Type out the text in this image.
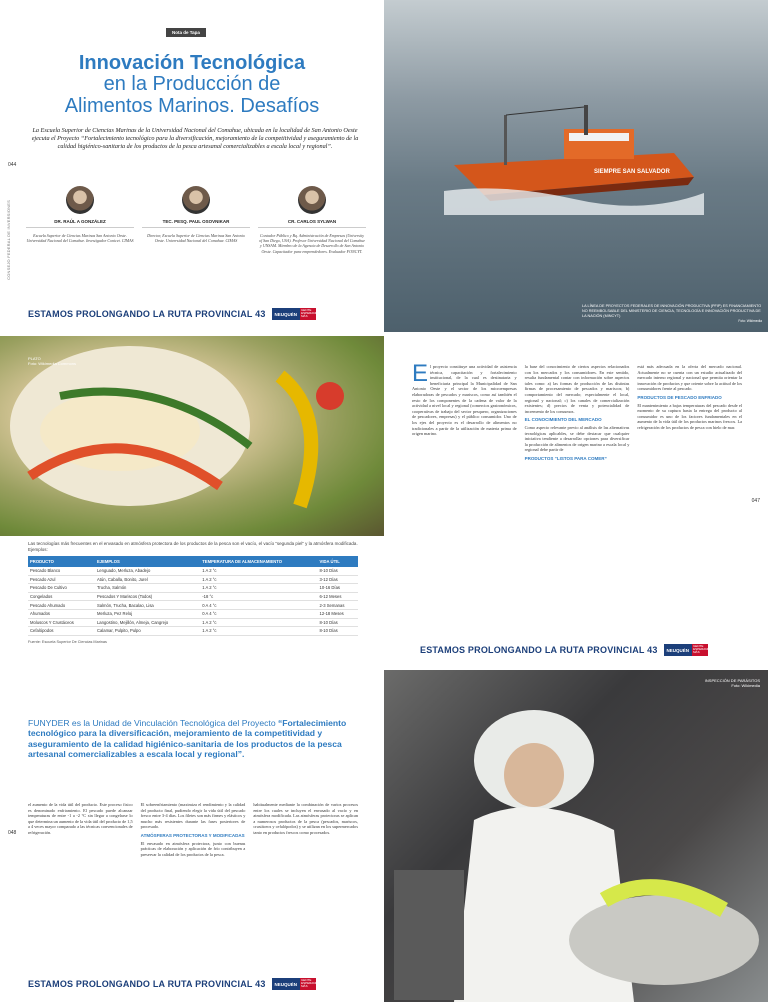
CONSEJO FEDERAL DE INVERSIONES
044
Nota de Tapa
Innovación Tecnológica
en la Producción de
Alimentos Marinos. Desafíos
La Escuela Superior de Ciencias Marinas de la Universidad Nacional del Comahue, ubicada en la localidad de San Antonio Oeste ejecuta el Proyecto “Fortalecimiento tecnológico para la diversificación, mejoramiento de la competitividad y aseguramiento de la calidad higiénico-sanitaria de los productos de la pesca artesanal comercializables a escala local y regional”.
DR. RAÚL A GONZÁLEZ
Escuela Superior de Ciencias Marinas San Antonio Oeste. Universidad Nacional del Comahue. Investigador Conicet. CIMAS
TEC. PESQ. PAUL OSOVNIKAR
Director, Escuela Superior de Ciencias Marinas San Antonio Oeste. Universidad Nacional del Comahue. CIMAS
CR. CARLOS SYLWAN
Contador Público y Bq. Administración de Empresas (University of San Diego, USA). Profesor Universidad Nacional del Comahue y UNSAM. Miembro de la Agencia de Desarrollo de San Antonio Oeste. Capacitador para emprendedores. Evaluador FONCYT.
ESTAMOS PROLONGANDO LA RUTA PROVINCIAL 43	NEUQUÉN
GENTE ESPERANDO MÁS
SIEMPRE SAN SALVADOR
LA LÍNEA DE PROYECTOS FEDERALES DE INNOVACIÓN PRODUCTIVA (PFIP) ES FINANCIAMIENTO NO REEMBOLSABLE DEL MINISTERIO DE CIENCIA, TECNOLOGÍA E INNOVACIÓN PRODUCTIVA DE LA NACIÓN (MINCYT)
Foto: Wikimedia
PLATO
Foto: Wikimedia Commons
Las tecnologías más frecuentes en el envasado en atmósfera protectora de los productos de la pesca son el vacío, el vacío “segunda piel” y la atmósfera modificada. Ejemplos:
PRODUCTO	EJEMPLOS	TEMPERATURA DE ALMACENAMIENTO	VIDA ÚTIL
Pescado Blanco	Lenguado, Merluza, Abadejo	1 A 2 °c	8-10 Días
Pescado Azul	Atún, Caballa, Bonito, Jurel	1 A 2 °c	3-12 Días
Pescado De Cultivo	Trucha, Salmón	1 A 2 °c	10-16 Días
Congelados	Pescados Y Mariscos (Todos)	-18 °c	6-12 Meses
Pescado Ahumado	Salmón, Trucha, Bacalao, Lisa	0 A 4 °c	2-3 Semanas
Ahumados	Merluza, Pez Reloj	0 A 4 °c	12-18 Meses
Moluscos Y Crustáceos	Langostino, Mejillón, Almeja, Cangrejo	1 A 2 °c	8-10 Días
Cefalópodos	Calamar, Pulpito, Pulpo	1 A 2 °c	8-10 Días
Fuente: Escuela Superior De Ciencias Marinas
E l proyecto constituye una actividad de asistencia técnica, capacitación y fortalecimiento institucional, de la cual es destinataria y beneficiaria principal la Municipalidad de San Antonio Oeste y el sector de los microempresas elaboradoras de pescados y mariscos, como así también el resto de los componentes de la cadena de valor de la actividad a nivel local y regional (comercios gastronómicos, cooperativas de trabajo del sector pesquero, organizaciones de pescadores, empresas) y el público consumidor. Uno de los ejes del proyecto es el desarrollo de alimentos no tradicionales a partir de la utilización de materia prima de origen marino.

la base del conocimiento de ciertos aspectos relacionados con los mercados y los consumidores. En este sentido, resulta fundamental contar con información sobre aspectos tales como: a) las formas de producción de las distintas firmas de procesamiento de pescados y mariscos; b) comportamiento del mercado; especialmente el local, regional y nacional; c) los canales de comercialización existentes; d) precios de venta y potencialidad de incremento de los consumos.

EL CONOCIMIENTO DEL MERCADO

Como aspecto relevante previo al análisis de las alternativas tecnológicas aplicables, se debe destacar que cualquier iniciativa tendiente a desarrollar opciones para diversificar la producción de alimentos de origen marino a escala local y regional debe partir de

PRODUCTOS “LISTOS PARA COMER”

está más adecuada en la oferta del mercado nacional. Actualmente no se cuenta con un estudio actualizado del mercado interno regional y nacional que permita orientar la innovación de productos y que oriente sobre la actitud de los consumidores frente al pescado.

PRODUCTOS DE PESCADO ENFRIADO

El mantenimiento a bajas temperaturas del pescado desde el momento de su captura hasta la entrega del producto al consumidor es uno de los factores fundamentales en el aumento de la vida útil de los productos marinos frescos. La refrigeración de los productos de pesca con hielo de mar.

047
ESTAMOS PROLONGANDO LA RUTA PROVINCIAL 43	NEUQUÉN
GENTE ESPERANDO MÁS
FUNYDER es la Unidad de Vinculación Tecnológica del Proyecto “Fortalecimiento tecnológico para la diversificación, mejoramiento de la competitividad y aseguramiento de la calidad higiénico-sanitaria de los productos de la pesca artesanal comercializables a escala local y regional”.
048

el aumento de la vida útil del producto. Este proceso fisico es denominado enfriamiento. El pescado puede alcanzar temperaturas de entre -1 a -2 °C sin llegar a congelarse lo que determina un aumento de la vida útil del producto de 1,5 a 4 veces mayor comparado a las técnicas convencionales de refrigeración.

El sobreenfriamiento (maximiza el rendimiento y la calidad del producto final, pudiendo elegir la vida útil del pescado fresco entre 3-4 días. Los filetes son más firmes y elásticos y mucho más resistentes durante las fases posteriores de procesado.

ATMÓSFERAS PROTECTORAS Y MODIFICADAS

El envasado en atmósfera protectora, junto con buenas prácticas de elaboración y aplicación de frío contribuyen a preservar la calidad de los productos de la pesca.

habitualmente mediante la combinación de varios procesos entre los cuales se incluyen el envasado al vacío y en atmósfera modificada. Las atmósferas protectoras se aplican a numerosos productos de la pesca (pescados, mariscos, crustáceos y cefalópodos) y se utilizan en los supermercados tanto en productos frescos como procesados.

ESTAMOS PROLONGANDO LA RUTA PROVINCIAL 43	NEUQUÉN
GENTE ESPERANDO MÁS
INSPECCIÓN DE PARÁSITOS
Foto: Wikimedia
